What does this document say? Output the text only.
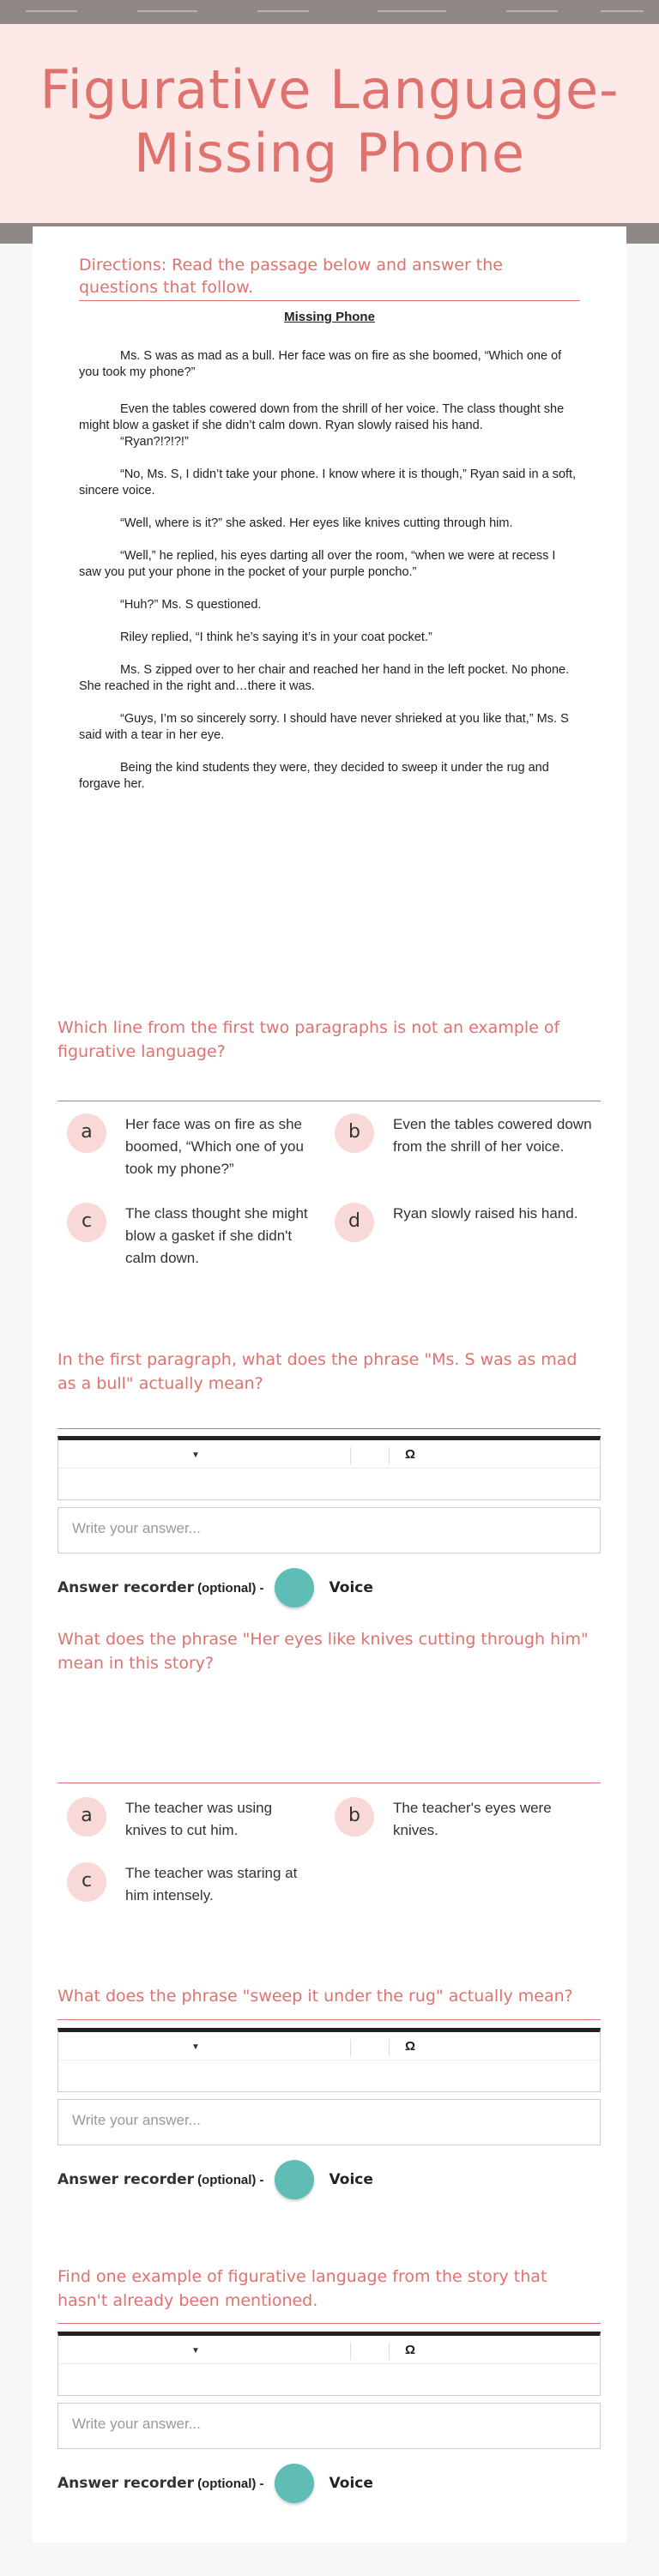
Figurative Language- Missing Phone
Directions: Read the passage below and answer the questions that follow.
Missing Phone

Ms. S was as mad as a bull. Her face was on fire as she boomed, “Which one of you took my phone?”

Even the tables cowered down from the shrill of her voice. The class thought she might blow a gasket if she didn’t calm down. Ryan slowly raised his hand.

“Ryan?!?!?!”

“No, Ms. S, I didn’t take your phone. I know where it is though,” Ryan said in a soft, sincere voice.

“Well, where is it?” she asked. Her eyes like knives cutting through him.

“Well,” he replied, his eyes darting all over the room, “when we were at recess I saw you put your phone in the pocket of your purple poncho.”

“Huh?” Ms. S questioned.

Riley replied, “I think he’s saying it’s in your coat pocket.”

Ms. S zipped over to her chair and reached her hand in the left pocket. No phone. She reached in the right and…there it was.

“Guys, I’m so sincerely sorry. I should have never shrieked at you like that,” Ms. S said with a tear in her eye.

Being the kind students they were, they decided to sweep it under the rug and forgave her.

Which line from the first two paragraphs is not an example of figurative language?
a	Her face was on fire as she boomed, “Which one of you took my phone?”
b	Even the tables cowered down from the shrill of her voice.
c	The class thought she might blow a gasket if she didn't calm down.
d	Ryan slowly raised his hand.
In the first paragraph, what does the phrase "Ms. S was as mad as a bull" actually mean?
▼	Ω
Write your answer...
Answer recorder (optional) -	Voice
What does the phrase "Her eyes like knives cutting through him" mean in this story?
a	The teacher was using knives to cut him.
b	The teacher's eyes were knives.
c	The teacher was staring at him intensely.
What does the phrase "sweep it under the rug" actually mean?
▼	Ω
Write your answer...
Answer recorder (optional) -	Voice
Find one example of figurative language from the story that hasn't already been mentioned.
▼	Ω
Write your answer...
Answer recorder (optional) -	Voice
